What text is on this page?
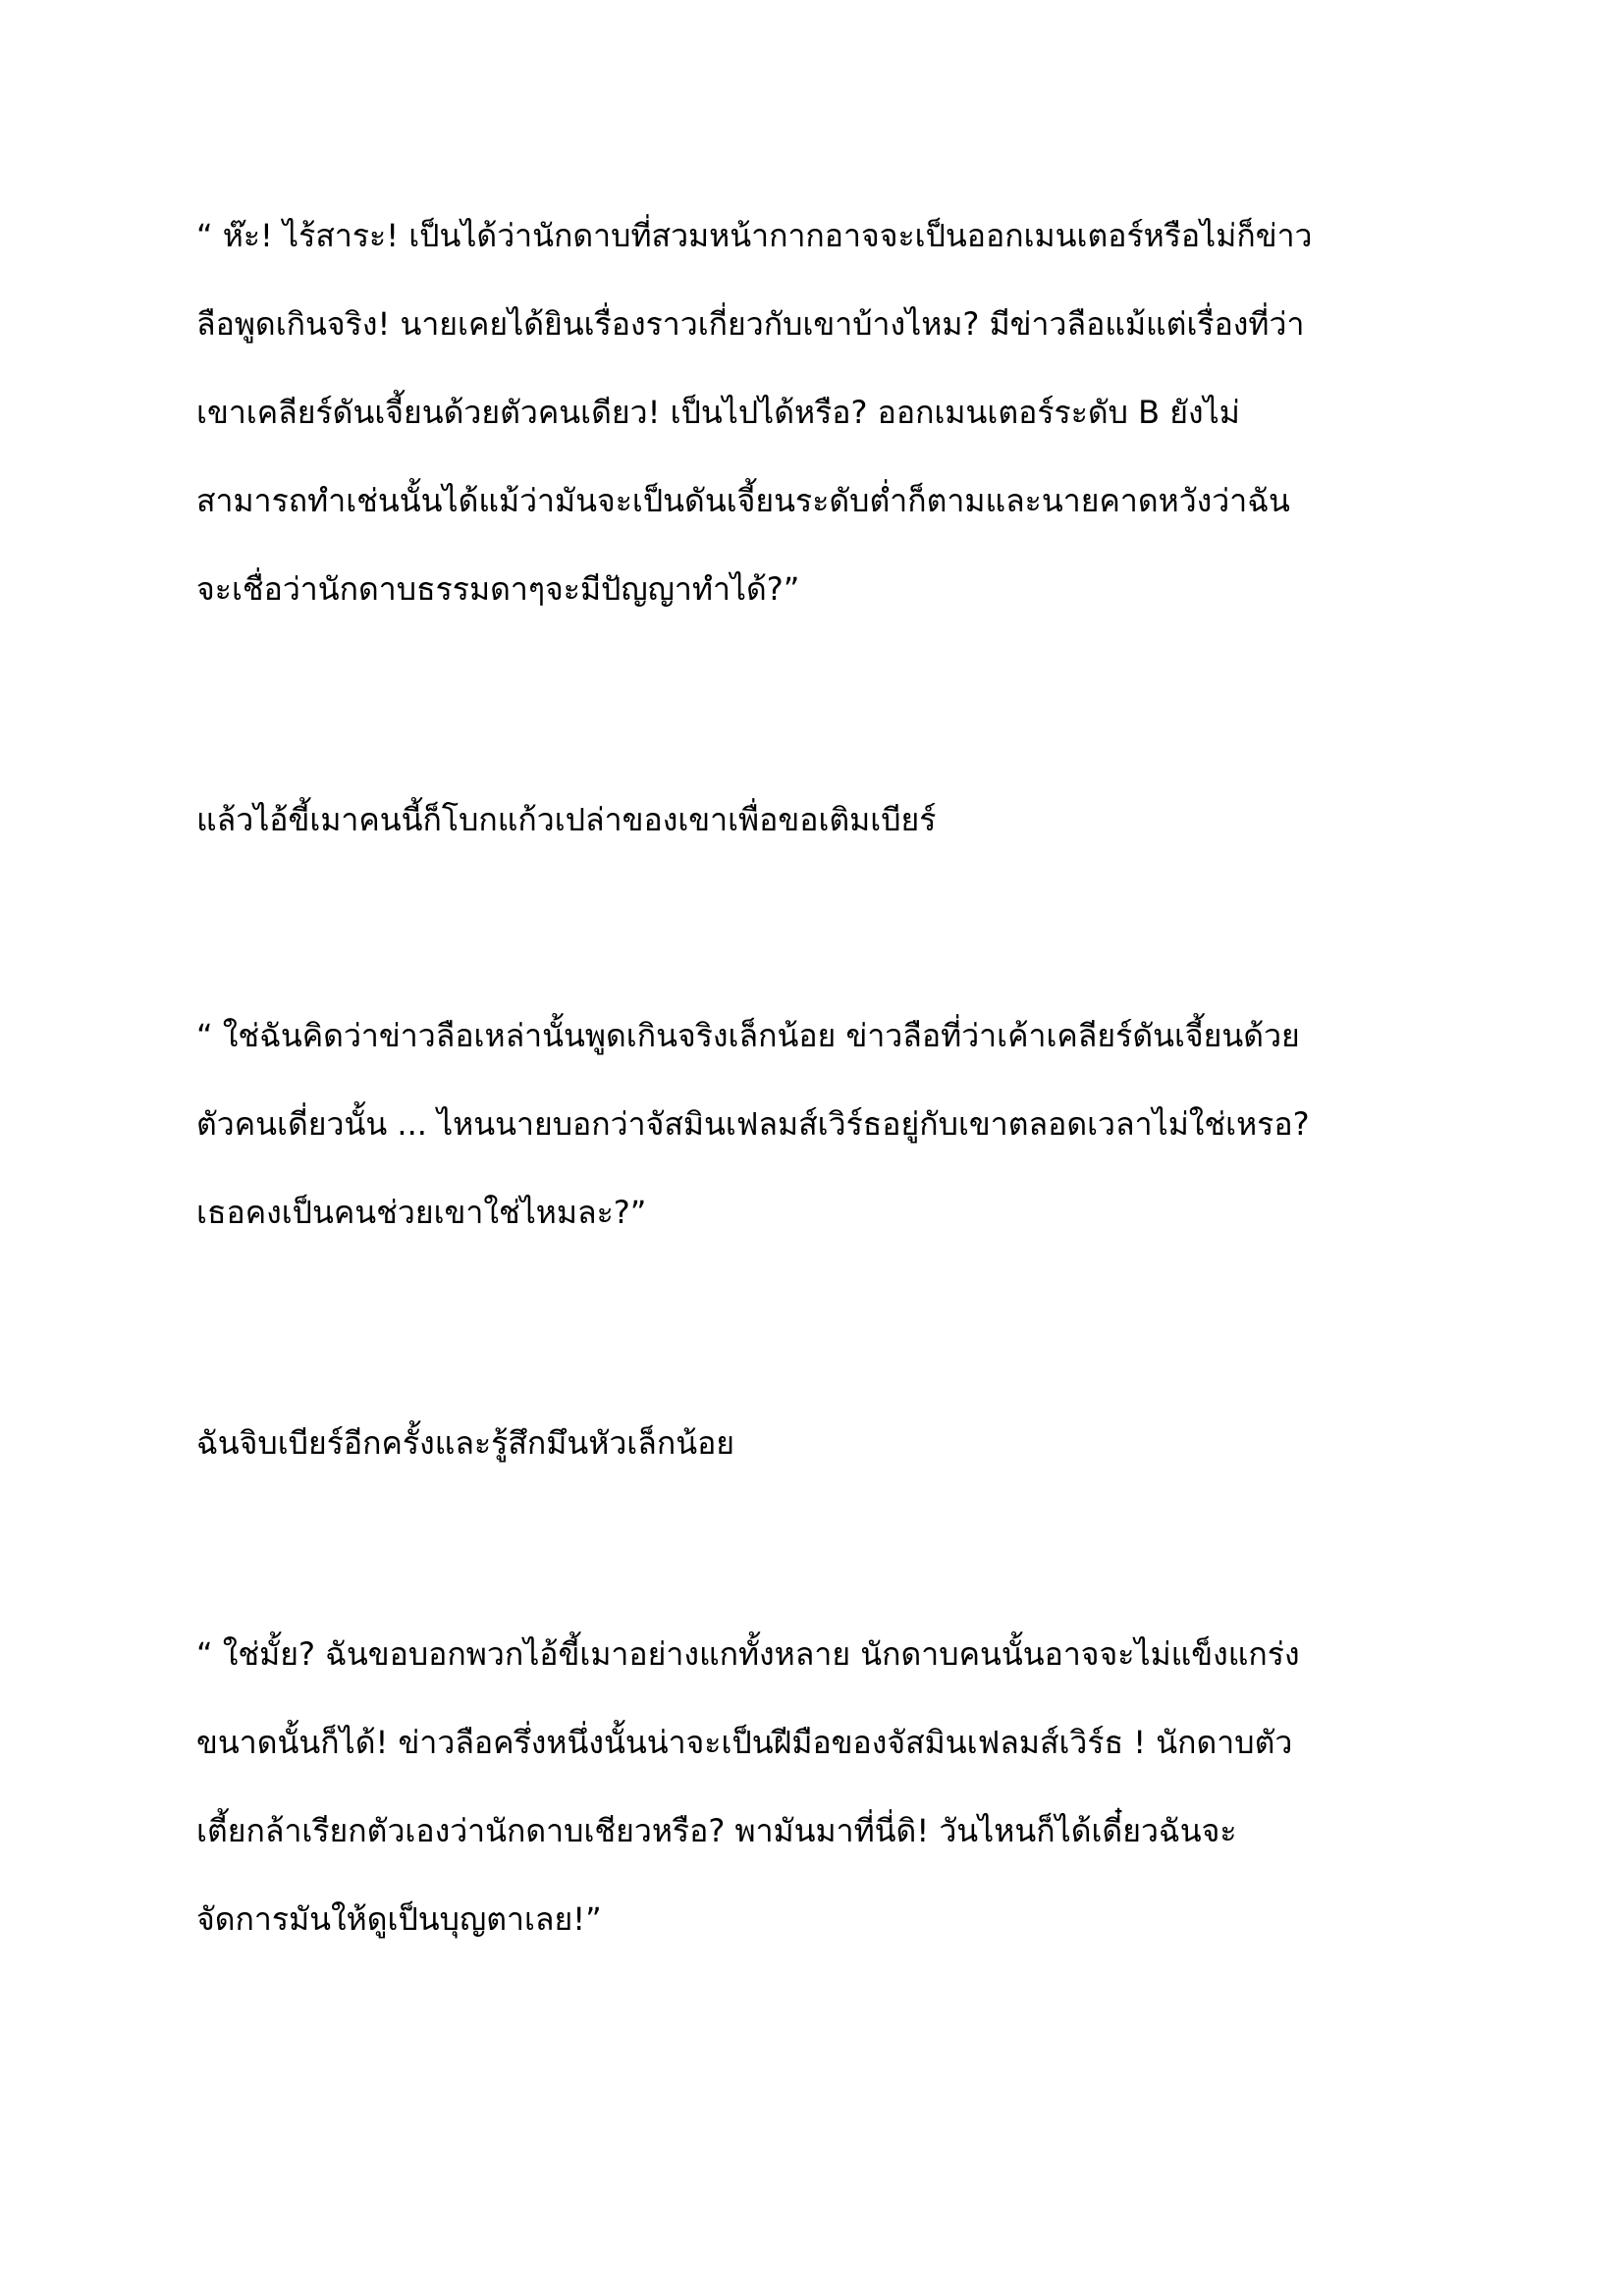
“ ห๊ะ! ไร้สาระ! เป็นได้ว่านักดาบที่สวมหน้ากากอาจจะเป็นออกเมนเตอร์หรือไม่ก็ข่าว
ลือพูดเกินจริง! นายเคยได้ยินเรื่องราวเกี่ยวกับเขาบ้างไหม? มีข่าวลือแม้แต่เรื่องที่ว่า
เขาเคลียร์ดันเจี้ยนด้วยตัวคนเดียว! เป็นไปได้หรือ? ออกเมนเตอร์ระดับ B ยังไม่
สามารถทำเช่นนั้นได้แม้ว่ามันจะเป็นดันเจี้ยนระดับต่ำก็ตามและนายคาดหวังว่าฉัน
จะเชื่อว่านักดาบธรรมดาๆจะมีปัญญาทำได้?”
แล้วไอ้ขี้เมาคนนี้ก็โบกแก้วเปล่าของเขาเพื่อขอเติมเบียร์
“ ใช่ฉันคิดว่าข่าวลือเหล่านั้นพูดเกินจริงเล็กน้อย ข่าวลือที่ว่าเค้าเคลียร์ดันเจี้ยนด้วย
ตัวคนเดี่ยวนั้น ... ไหนนายบอกว่าจัสมินเฟลมส์เวิร์ธอยู่กับเขาตลอดเวลาไม่ใช่เหรอ?
เธอคงเป็นคนช่วยเขาใช่ไหมละ?”
ฉันจิบเบียร์อีกครั้งและรู้สึกมึนหัวเล็กน้อย
“ ใช่มั้ย? ฉันขอบอกพวกไอ้ขี้เมาอย่างแกทั้งหลาย นักดาบคนนั้นอาจจะไม่แข็งแกร่ง
ขนาดนั้นก็ได้! ข่าวลือครึ่งหนึ่งนั้นน่าจะเป็นฝีมือของจัสมินเฟลมส์เวิร์ธ ! นักดาบตัว
เตี้ยกล้าเรียกตัวเองว่านักดาบเชียวหรือ? พามันมาที่นี่ดิ! วันไหนก็ได้เดี๋ยวฉันจะ
จัดการมันให้ดูเป็นบุญตาเลย!”
